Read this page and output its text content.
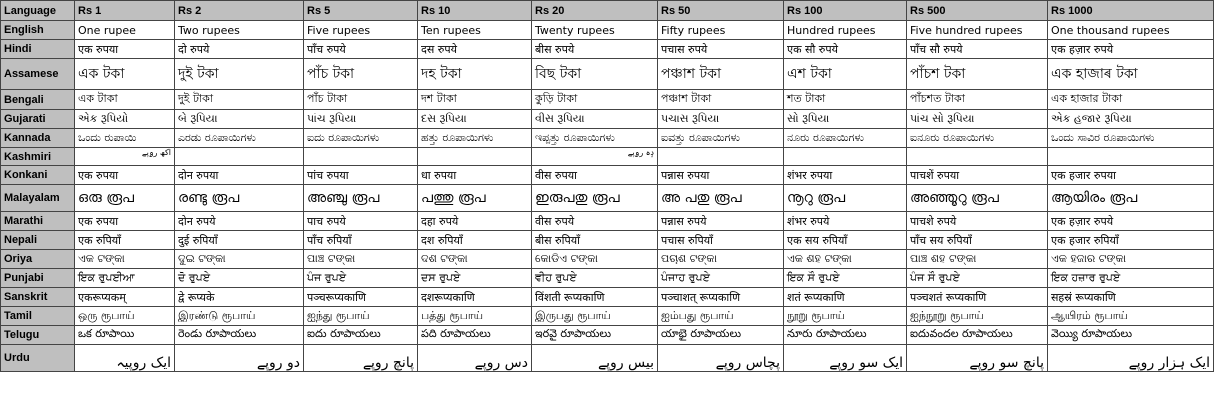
Language	Rs 1	Rs 2	Rs 5	Rs 10	Rs 20	Rs 50	Rs 100	Rs 500	Rs 1000
English	One rupee	Two rupees	Five rupees	Ten rupees	Twenty rupees	Fifty rupees	Hundred rupees	Five hundred rupees	One thousand rupees
Hindi	एक रुपया	दो रुपये	पाँच रुपये	दस रुपये	बीस रुपये	पचास रुपये	एक सौ रुपये	पाँच सौ रुपये	एक हज़ार रुपये
Assamese	এক টকা	দুই টকা	পাঁচ টকা	দহ টকা	বিছ টকা	পঞ্চাশ টকা	এশ টকা	পাঁচশ টকা	এক হাজাৰ টকা
Bengali	এক টাকা	দুই টাকা	পাঁচ টাকা	দশ টাকা	কুড়ি টাকা	পঞ্চাশ টাকা	শত টাকা	পাঁচশত টাকা	এক হাজার টাকা
Gujarati	એક રૂપિયો	બે રૂપિયા	પાંચ રૂપિયા	દસ રૂપિયા	વીસ રૂપિયા	પચાસ રૂપિયા	સો રૂપિયા	પાંચ સો રૂપિયા	એક હજાર રૂપિયા
Kannada	ಒಂದು ರುಪಾಯಿ	ಎರಡು ರೂಪಾಯಿಗಳು	ಐದು ರೂಪಾಯಿಗಳು	ಹತ್ತು ರೂಪಾಯಿಗಳು	ಇಪ್ಪತ್ತು ರೂಪಾಯಿಗಳು	ಐವತ್ತು ರೂಪಾಯಿಗಳು	ನೂರು ರೂಪಾಯಿಗಳು	ಐನೂರು ರೂಪಾಯಿಗಳು	ಒಂದು ಸಾವಿರ ರೂಪಾಯಿಗಳು
Kashmiri	اَکھ رۄپے				دٕہ رۄپے				
Konkani	एक रुपया	दोन रुपया	पांच रुपया	धा रुपया	वीस रुपया	पन्नास रुपया	शंभर रुपया	पाचशें रुपया	एक हजार रुपया
Malayalam	ഒരു രൂപ	രണ്ടു രൂപ	അഞ്ചു രൂപ	പത്തു രൂപ	ഇരുപതു രൂപ	അ പതു രൂപ	നൂറു രൂപ	അഞ്ഞൂറു രൂപ	ആയിരം രൂപ
Marathi	एक रुपया	दोन रुपये	पाच रुपये	दहा रुपये	वीस रुपये	पन्नास रुपये	शंभर रुपये	पाचशे रुपये	एक हज़ार रुपये
Nepali	एक रुपियाँ	दुई रुपियाँ	पाँच रुपियाँ	दश रुपियाँ	बीस रुपियाँ	पचास रुपियाँ	एक सय रुपियाँ	पाँच सय रुपियाँ	एक हजार रुपियाँ
Oriya	ଏକ ଟଙ୍କା	ଦୁଇ ଟଙ୍କା	ପାଞ୍ଚ ଟଙ୍କା	ଦଶ ଟଙ୍କା	କୋଡିଏ ଟଙ୍କା	ପଚାଶ ଟଙ୍କା	ଏକ ଶହ ଟଙ୍କା	ପାଞ୍ଚ ଶହ ଟଙ୍କା	ଏକ ହଜାର ଟଙ୍କା
Punjabi	ਇਕ ਰੁਪਈਆ	ਦੋ ਰੁਪਏ	ਪੰਜ ਰੁਪਏ	ਦਸ ਰੁਪਏ	ਵੀਹ ਰੁਪਏ	ਪੰਜਾਹ ਰੁਪਏ	ਇਕ ਸੌ ਰੁਪਏ	ਪੰਜ ਸੌ ਰੁਪਏ	ਇਕ ਹਜ਼ਾਰ ਰੁਪਏ
Sanskrit	एकरूप्यकम्	द्वे रूप्यके	पञ्चरूप्यकाणि	दशरूप्यकाणि	विंशती रूप्यकाणि	पञ्चाशत् रूप्यकाणि	शतं रूप्यकाणि	पञ्चशतं रूप्यकाणि	सहस्रं रूप्यकाणि
Tamil	ஒரு ரூபாய்	இரண்டு ரூபாய்	ஐந்து ரூபாய்	பத்து ரூபாய்	இருபது ரூபாய்	ஐம்பது ரூபாய்	நூறு ரூபாய்	ஐந்நூறு ரூபாய்	ஆயிரம் ரூபாய்
Telugu	ఒక రూపాయి	రెండు రూపాయలు	ఐదు రూపాయలు	పది రూపాయలు	ఇరవై రూపాయలు	యాభై రూపాయలు	నూరు రూపాయలు	ఐదువందల రూపాయలు	వెయ్యి రూపాయలు
Urdu	ایک روپیہ	دو روپے	پانچ روپے	دس روپے	بیس روپے	پچاس روپے	ایک سو روپے	پانچ سو روپے	ایک ہزار روپے
